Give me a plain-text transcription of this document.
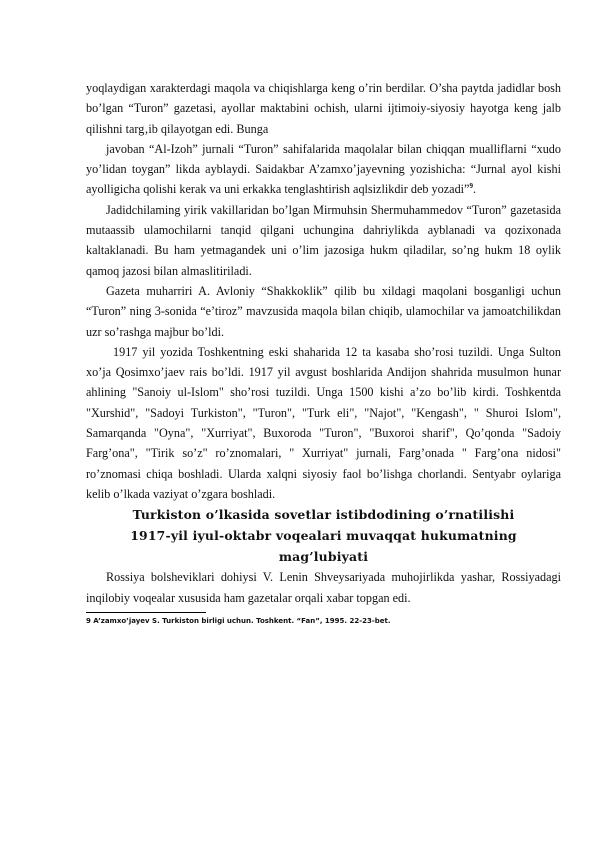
yoqlaydigan xarakterdagi maqola va chiqishlarga keng o’rin berdilar. O’sha paytda jadidlar bosh bo’lgan “Turon” gazetasi, ayollar maktabini ochish, ularni ijtimoiy-siyosiy hayotga keng jalb qilishni targ‚ib qilayotgan edi. Bunga

javoban “Al-Izoh” jurnali “Turon” sahifalarida maqolalar bilan chiqqan mualliflarni “xudo yo’lidan toygan” likda ayblaydi. Saidakbar A’zamxo’jayevning yozishicha: “Jurnal ayol kishi ayolligicha qolishi kerak va uni erkakka tenglashtirish aqlsizlikdir deb yozadi”$^9$.

Jadidchilaming yirik vakillaridan bo’lgan Mirmuhsin Shermuhammedov “Turon” gazetasida mutaassib ulamochilarni tanqid qilgani uchungina dahriylikda ayblanadi va qozixonada kaltaklanadi. Bu ham yetmagandek uni o’lim jazosiga hukm qiladilar, so’ng hukm 18 oylik qamoq jazosi bilan almaslitiriladi.

Gazeta muharriri A. Avloniy “Shakkoklik” qilib bu xildagi maqolani bosganligi uchun “Turon” ning 3-sonida “e’tiroz” mavzusida maqola bilan chiqib, ulamochilar va jamoatchilikdan uzr so’rashga majbur bo’ldi.

1917 yil yozida Toshkentning eski shaharida 12 ta kasaba sho’rosi tuzildi. Unga Sulton xo’ja Qosimxo’jaev rais bo’ldi. 1917 yil avgust boshlarida Andijon shahrida musulmon hunar ahlining "Sanoiy ul-Islom" sho’rosi tuzildi. Unga 1500 kishi a’zo bo’lib kirdi. Toshkentda "Xurshid", "Sadoyi Turkiston", "Turon", "Turk eli", "Najot", "Kengash", " Shuroi Islom", Samarqanda "Oyna", "Xurriyat", Buxoroda "Turon", "Buxoroi sharif", Qo’qonda "Sadoiy Farg’ona", "Tirik so’z" ro’znomalari, " Xurriyat" jurnali, Farg’onada " Farg’ona nidosi" ro’znomasi chiqa boshladi. Ularda xalqni siyosiy faol bo’lishga chorlandi. Sentyabr oylariga kelib o’lkada vaziyat o’zgara boshladi.

Turkiston o’lkasida sovetlar istibdodining o’rnatilishi

1917-yil iyul-oktabr voqealari muvaqqat hukumatning

mag’lubiyati

Rossiya bolsheviklari dohiysi V. Lenin Shveysariyada muhojirlikda yashar, Rossiyadagi inqilobiy voqealar xususida ham gazetalar orqali xabar topgan edi.

9 A’zamxo’jayev S. Turkiston birligi uchun. Toshkent. “Fan”, 1995. 22-23-bet.
